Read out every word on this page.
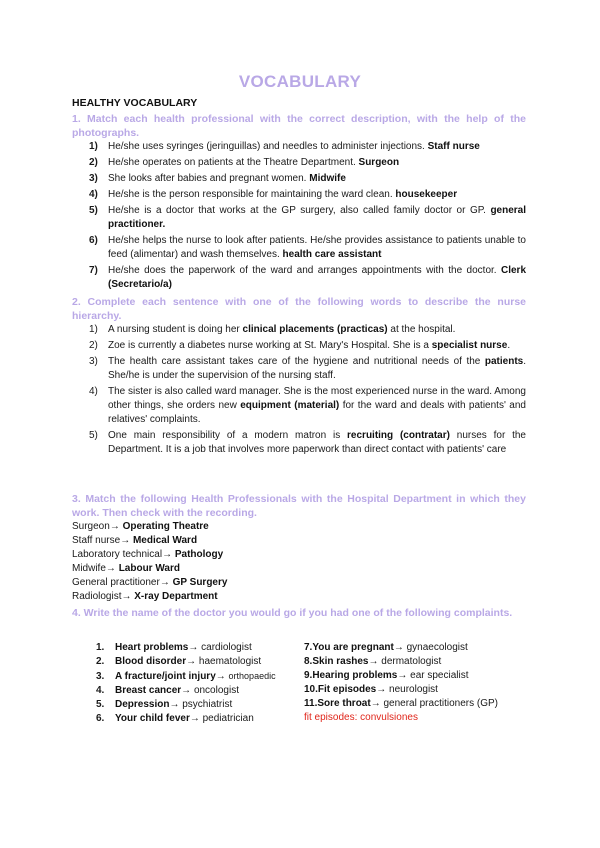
VOCABULARY
HEALTHY VOCABULARY
1. Match each health professional with the correct description, with the help of the photographs.
1) He/she uses syringes (jeringuillas) and needles to administer injections. Staff nurse
2) He/she operates on patients at the Theatre Department. Surgeon
3) She looks after babies and pregnant women. Midwife
4) He/she is the person responsible for maintaining the ward clean. housekeeper
5) He/she is a doctor that works at the GP surgery, also called family doctor or GP. general practitioner.
6) He/she helps the nurse to look after patients. He/she provides assistance to patients unable to feed (alimentar) and wash themselves. health care assistant
7) He/she does the paperwork of the ward and arranges appointments with the doctor. Clerk (Secretario/a)
2. Complete each sentence with one of the following words to describe the nurse hierarchy.
1) A nursing student is doing her clinical placements (practicas) at the hospital.
2) Zoe is currently a diabetes nurse working at St. Mary's Hospital. She is a specialist nurse.
3) The health care assistant takes care of the hygiene and nutritional needs of the patients. She/he is under the supervision of the nursing staff.
4) The sister is also called ward manager. She is the most experienced nurse in the ward. Among other things, she orders new equipment (material) for the ward and deals with patients' and relatives' complaints.
5) One main responsibility of a modern matron is recruiting (contratar) nurses for the Department. It is a job that involves more paperwork than direct contact with patients' care
3. Match the following Health Professionals with the Hospital Department in which they work. Then check with the recording.
Surgeon→ Operating Theatre
Staff nurse→ Medical Ward
Laboratory technical→ Pathology
Midwife→ Labour Ward
General practitioner→ GP Surgery
Radiologist→ X-ray Department
4. Write the name of the doctor you would go if you had one of the following complaints.
1. Heart problems→ cardiologist
2. Blood disorder→ haematologist
3. A fracture/joint injury→ orthopaedic
4. Breast cancer→ oncologist
5. Depression→ psychiatrist
6. Your child fever→ pediatrician
7.You are pregnant→ gynaecologist
8.Skin rashes→ dermatologist
9.Hearing problems→ ear specialist
10.Fit episodes→ neurologist
11.Sore throat→ general practitioners (GP)
fit episodes: convulsiones
